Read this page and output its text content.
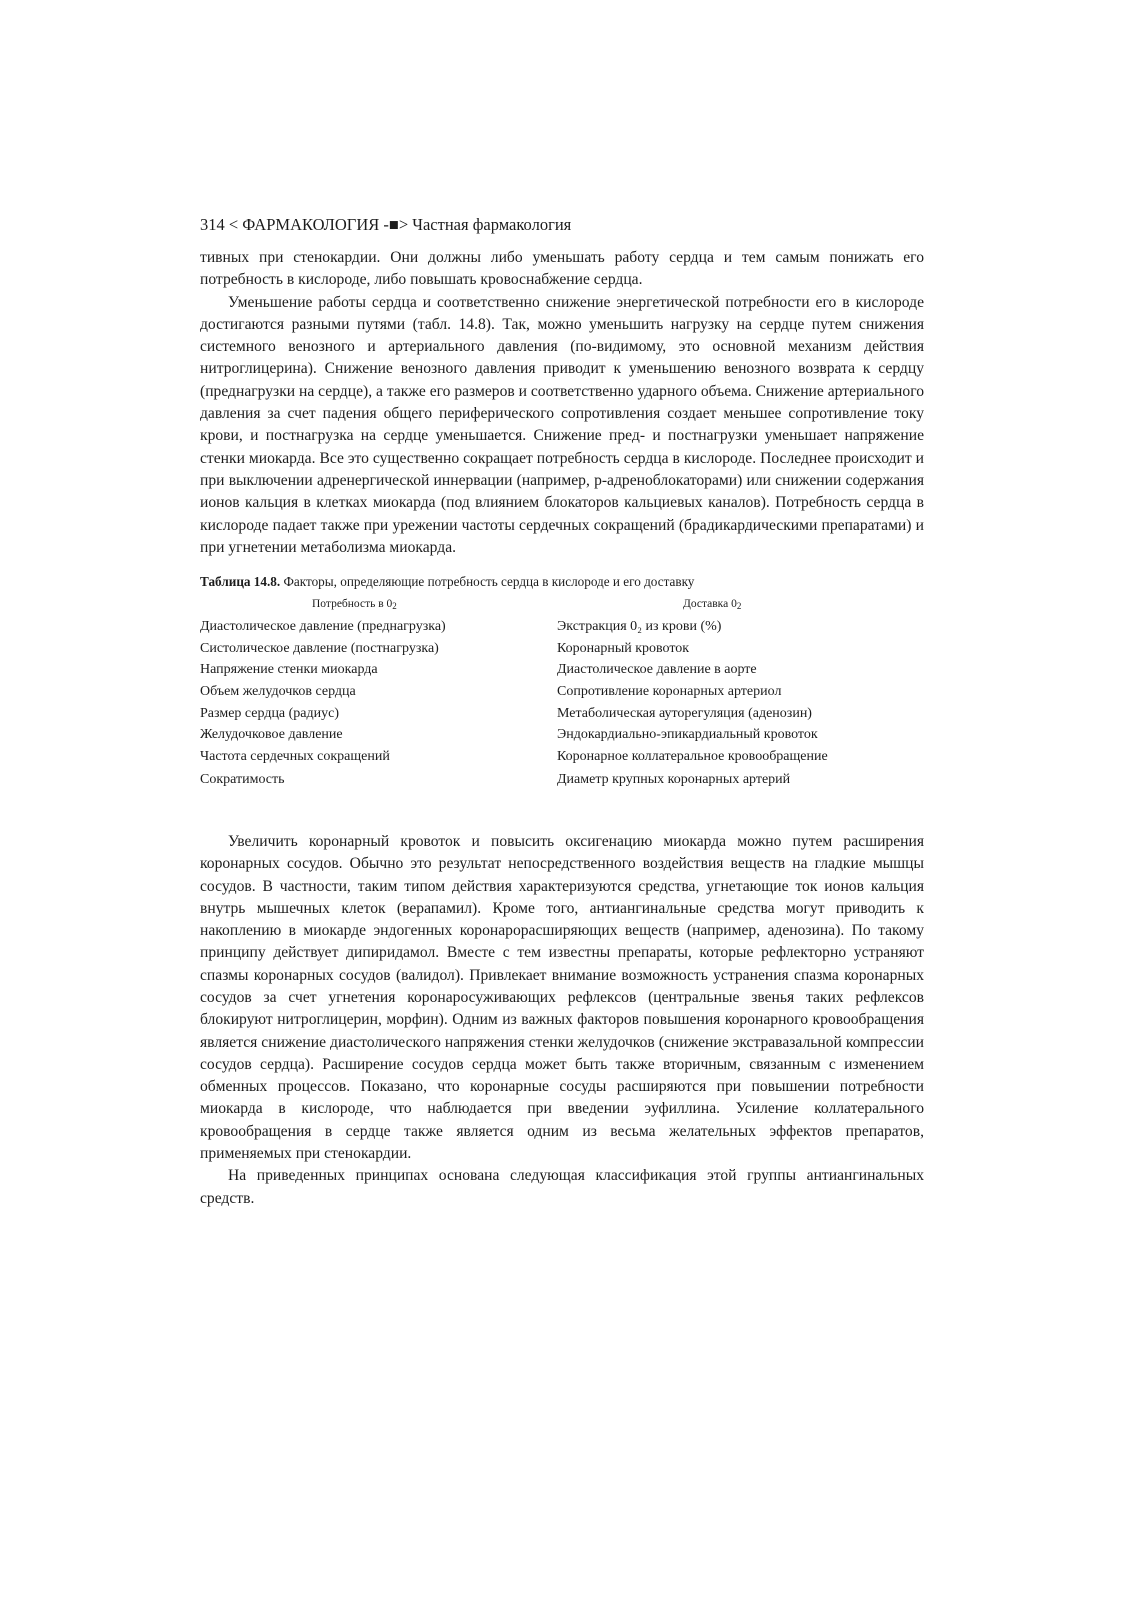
314 < ФАРМАКОЛОГИЯ -■> Частная фармакология

тивных при стенокардии. Они должны либо уменьшать работу сердца и тем самым понижать его потребность в кислороде, либо повышать кровоснабжение сердца.

Уменьшение работы сердца и соответственно снижение энергетической потребности его в кислороде достигаются разными путями (табл. 14.8). Так, можно уменьшить нагрузку на сердце путем снижения системного венозного и артериального давления (по-видимому, это основной механизм действия нитроглицерина). Снижение венозного давления приводит к уменьшению венозного возврата к сердцу (преднагрузки на сердце), а также его размеров и соответственно ударного объема. Снижение артериального давления за счет падения общего периферического сопротивления создает меньшее сопротивление току крови, и постнагрузка на сердце уменьшается. Снижение пред- и постнагрузки уменьшает напряжение стенки миокарда. Все это существенно сокращает потребность сердца в кислороде. Последнее происходит и при выключении адренергической иннервации (например, р-адреноблокаторами) или снижении содержания ионов кальция в клетках миокарда (под влиянием блокаторов кальциевых каналов). Потребность сердца в кислороде падает также при урежении частоты сердечных сокращений (брадикардическими препаратами) и при угнетении метаболизма миокарда.

Таблица 14.8. Факторы, определяющие потребность сердца в кислороде и его доставку
Потребность в $0_2$	Доставка $0_2$
Диастолическое давление (преднагрузка)	Экстракция 0₂ из крови (%)
Систолическое давление (постнагрузка)	Коронарный кровоток
Напряжение стенки миокарда	Диастолическое давление в аорте
Объем желудочков сердца	Сопротивление коронарных артериол
Размер сердца (радиус)	Метаболическая ауторегуляция (аденозин)
Желудочковое давление	Эндокардиально-эпикардиальный кровоток
Частота сердечных сокращений	Коронарное коллатеральное кровообращение
Сократимость	Диаметр крупных коронарных артерий

Увеличить коронарный кровоток и повысить оксигенацию миокарда можно путем расширения коронарных сосудов. Обычно это результат непосредственного воздействия веществ на гладкие мышцы сосудов. В частности, таким типом действия характеризуются средства, угнетающие ток ионов кальция внутрь мышечных клеток (верапамил). Кроме того, антиангинальные средства могут приводить к накоплению в миокарде эндогенных коронарорасширяющих веществ (например, аденозина). По такому принципу действует дипиридамол. Вместе с тем известны препараты, которые рефлекторно устраняют спазмы коронарных сосудов (валидол). Привлекает внимание возможность устранения спазма коронарных сосудов за счет угнетения коронаросуживающих рефлексов (центральные звенья таких рефлексов блокируют нитроглицерин, морфин). Одним из важных факторов повышения коронарного кровообращения является снижение диастолического напряжения стенки желудочков (снижение экстравазальной компрессии сосудов сердца). Расширение сосудов сердца может быть также вторичным, связанным с изменением обменных процессов. Показано, что коронарные сосуды расширяются при повышении потребности миокарда в кислороде, что наблюдается при введении эуфиллина. Усиление коллатерального кровообращения в сердце также является одним из весьма желательных эффектов препаратов, применяемых при стенокардии.

На приведенных принципах основана следующая классификация этой группы антиангинальных средств.
